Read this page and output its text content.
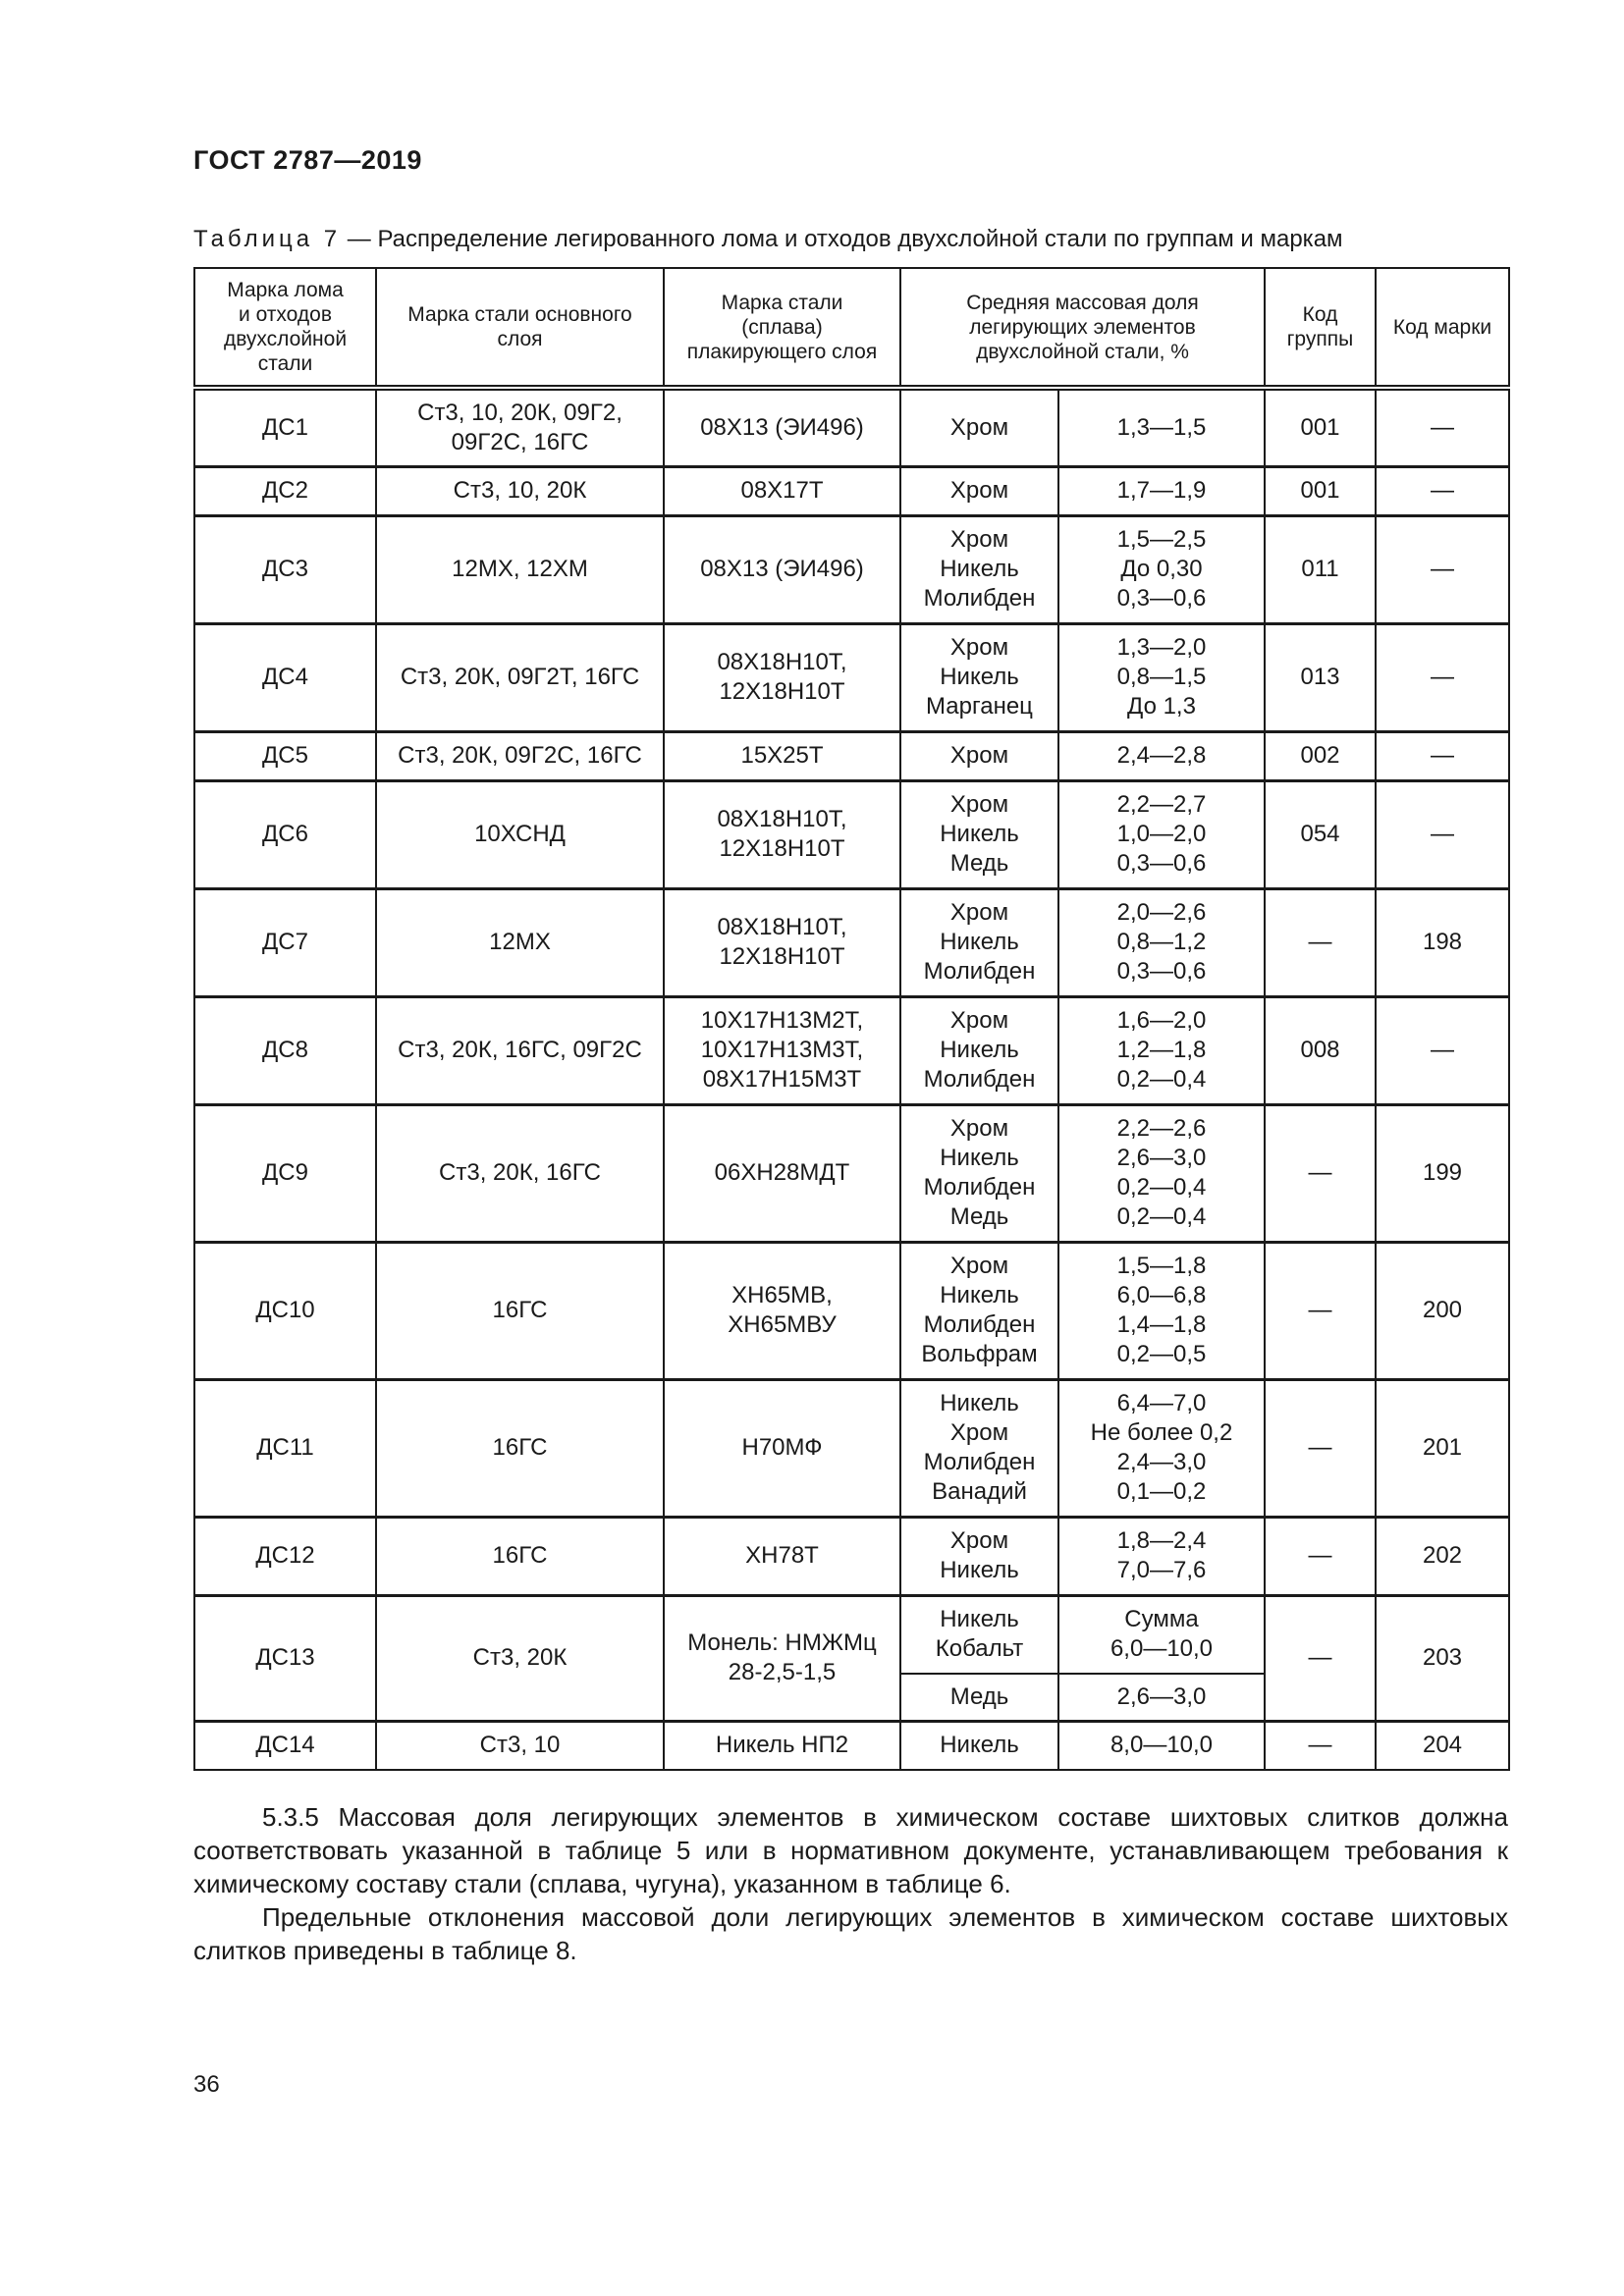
ГОСТ 2787—2019
Таблица 7 — Распределение легированного лома и отходов двухслойной стали по группам и маркам
Марка лома
и отходов
двухслойной
стали	Марка стали основного
слоя	Марка стали
(сплава)
плакирующего слоя	Средняя массовая доля
легирующих элементов
двухслойной стали, %		Код
группы	Код марки
ДС1	Ст3, 10, 20К, 09Г2,
09Г2С, 16ГС	08Х13 (ЭИ496)	Хром	1,3—1,5	001	—
ДС2	Ст3, 10, 20К	08Х17Т	Хром	1,7—1,9	001	—
ДС3	12МХ, 12ХМ	08Х13 (ЭИ496)	Хром
Никель
Молибден	1,5—2,5
До 0,30
0,3—0,6	011	—
ДС4	Ст3, 20К, 09Г2Т, 16ГС	08Х18Н10Т,
12Х18Н10Т	Хром
Никель
Марганец	1,3—2,0
0,8—1,5
До 1,3	013	—
ДС5	Ст3, 20К, 09Г2С, 16ГС	15Х25Т	Хром	2,4—2,8	002	—
ДС6	10ХСНД	08Х18Н10Т,
12Х18Н10Т	Хром
Никель
Медь	2,2—2,7
1,0—2,0
0,3—0,6	054	—
ДС7	12МХ	08Х18Н10Т,
12Х18Н10Т	Хром
Никель
Молибден	2,0—2,6
0,8—1,2
0,3—0,6	—	198
ДС8	Ст3, 20К, 16ГС, 09Г2С	10Х17Н13М2Т,
10Х17Н13М3Т,
08Х17Н15М3Т	Хром
Никель
Молибден	1,6—2,0
1,2—1,8
0,2—0,4	008	—
ДС9	Ст3, 20К, 16ГС	06ХН28МДТ	Хром
Никель
Молибден
Медь	2,2—2,6
2,6—3,0
0,2—0,4
0,2—0,4	—	199
ДС10	16ГС	ХН65МВ,
ХН65МВУ	Хром
Никель
Молибден
Вольфрам	1,5—1,8
6,0—6,8
1,4—1,8
0,2—0,5	—	200
ДС11	16ГС	Н70МФ	Никель
Хром
Молибден
Ванадий	6,4—7,0
Не более 0,2
2,4—3,0
0,1—0,2	—	201
ДС12	16ГС	ХН78Т	Хром
Никель	1,8—2,4
7,0—7,6	—	202
ДС13	Ст3, 20К	Монель: НМЖМц
28-2,5-1,5	Никель
Кобальт	Сумма
6,0—10,0	—	203
			Медь	2,6—3,0		
ДС14	Ст3, 10	Никель НП2	Никель	8,0—10,0	—	204

5.3.5 Массовая доля легирующих элементов в химическом составе шихтовых слитков должна соответствовать указанной в таблице 5 или в нормативном документе, устанавливающем требования к химическому составу стали (сплава, чугуна), указанном в таблице 6.

Предельные отклонения массовой доли легирующих элементов в химическом составе шихтовых слитков приведены в таблице 8.

36
